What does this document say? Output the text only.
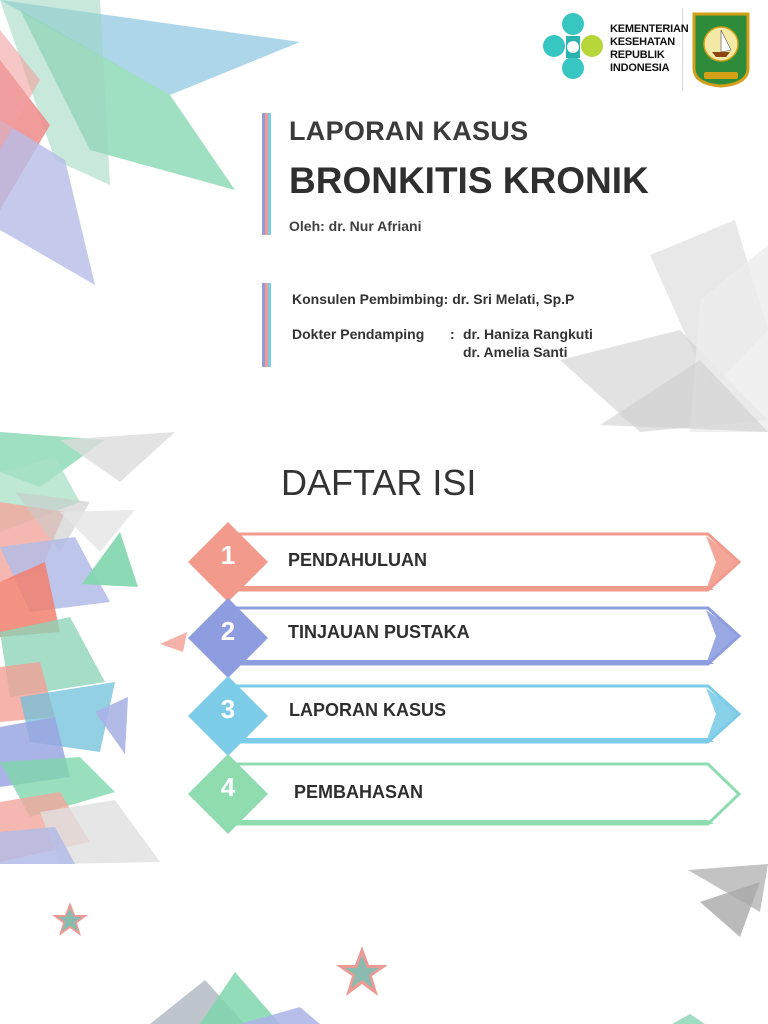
KEMENTERIAN
KESEHATAN
REPUBLIK
INDONESIA
LAPORAN KASUS
BRONKITIS KRONIK
Oleh: dr. Nur Afriani
Konsulen Pembimbing: dr. Sri Melati, Sp.P
Dokter Pendamping : dr. Haniza Rangkuti
dr. Amelia Santi
DAFTAR ISI
1	PENDAHULUAN
2	TINJAUAN PUSTAKA
3	LAPORAN KASUS
4	PEMBAHASAN
